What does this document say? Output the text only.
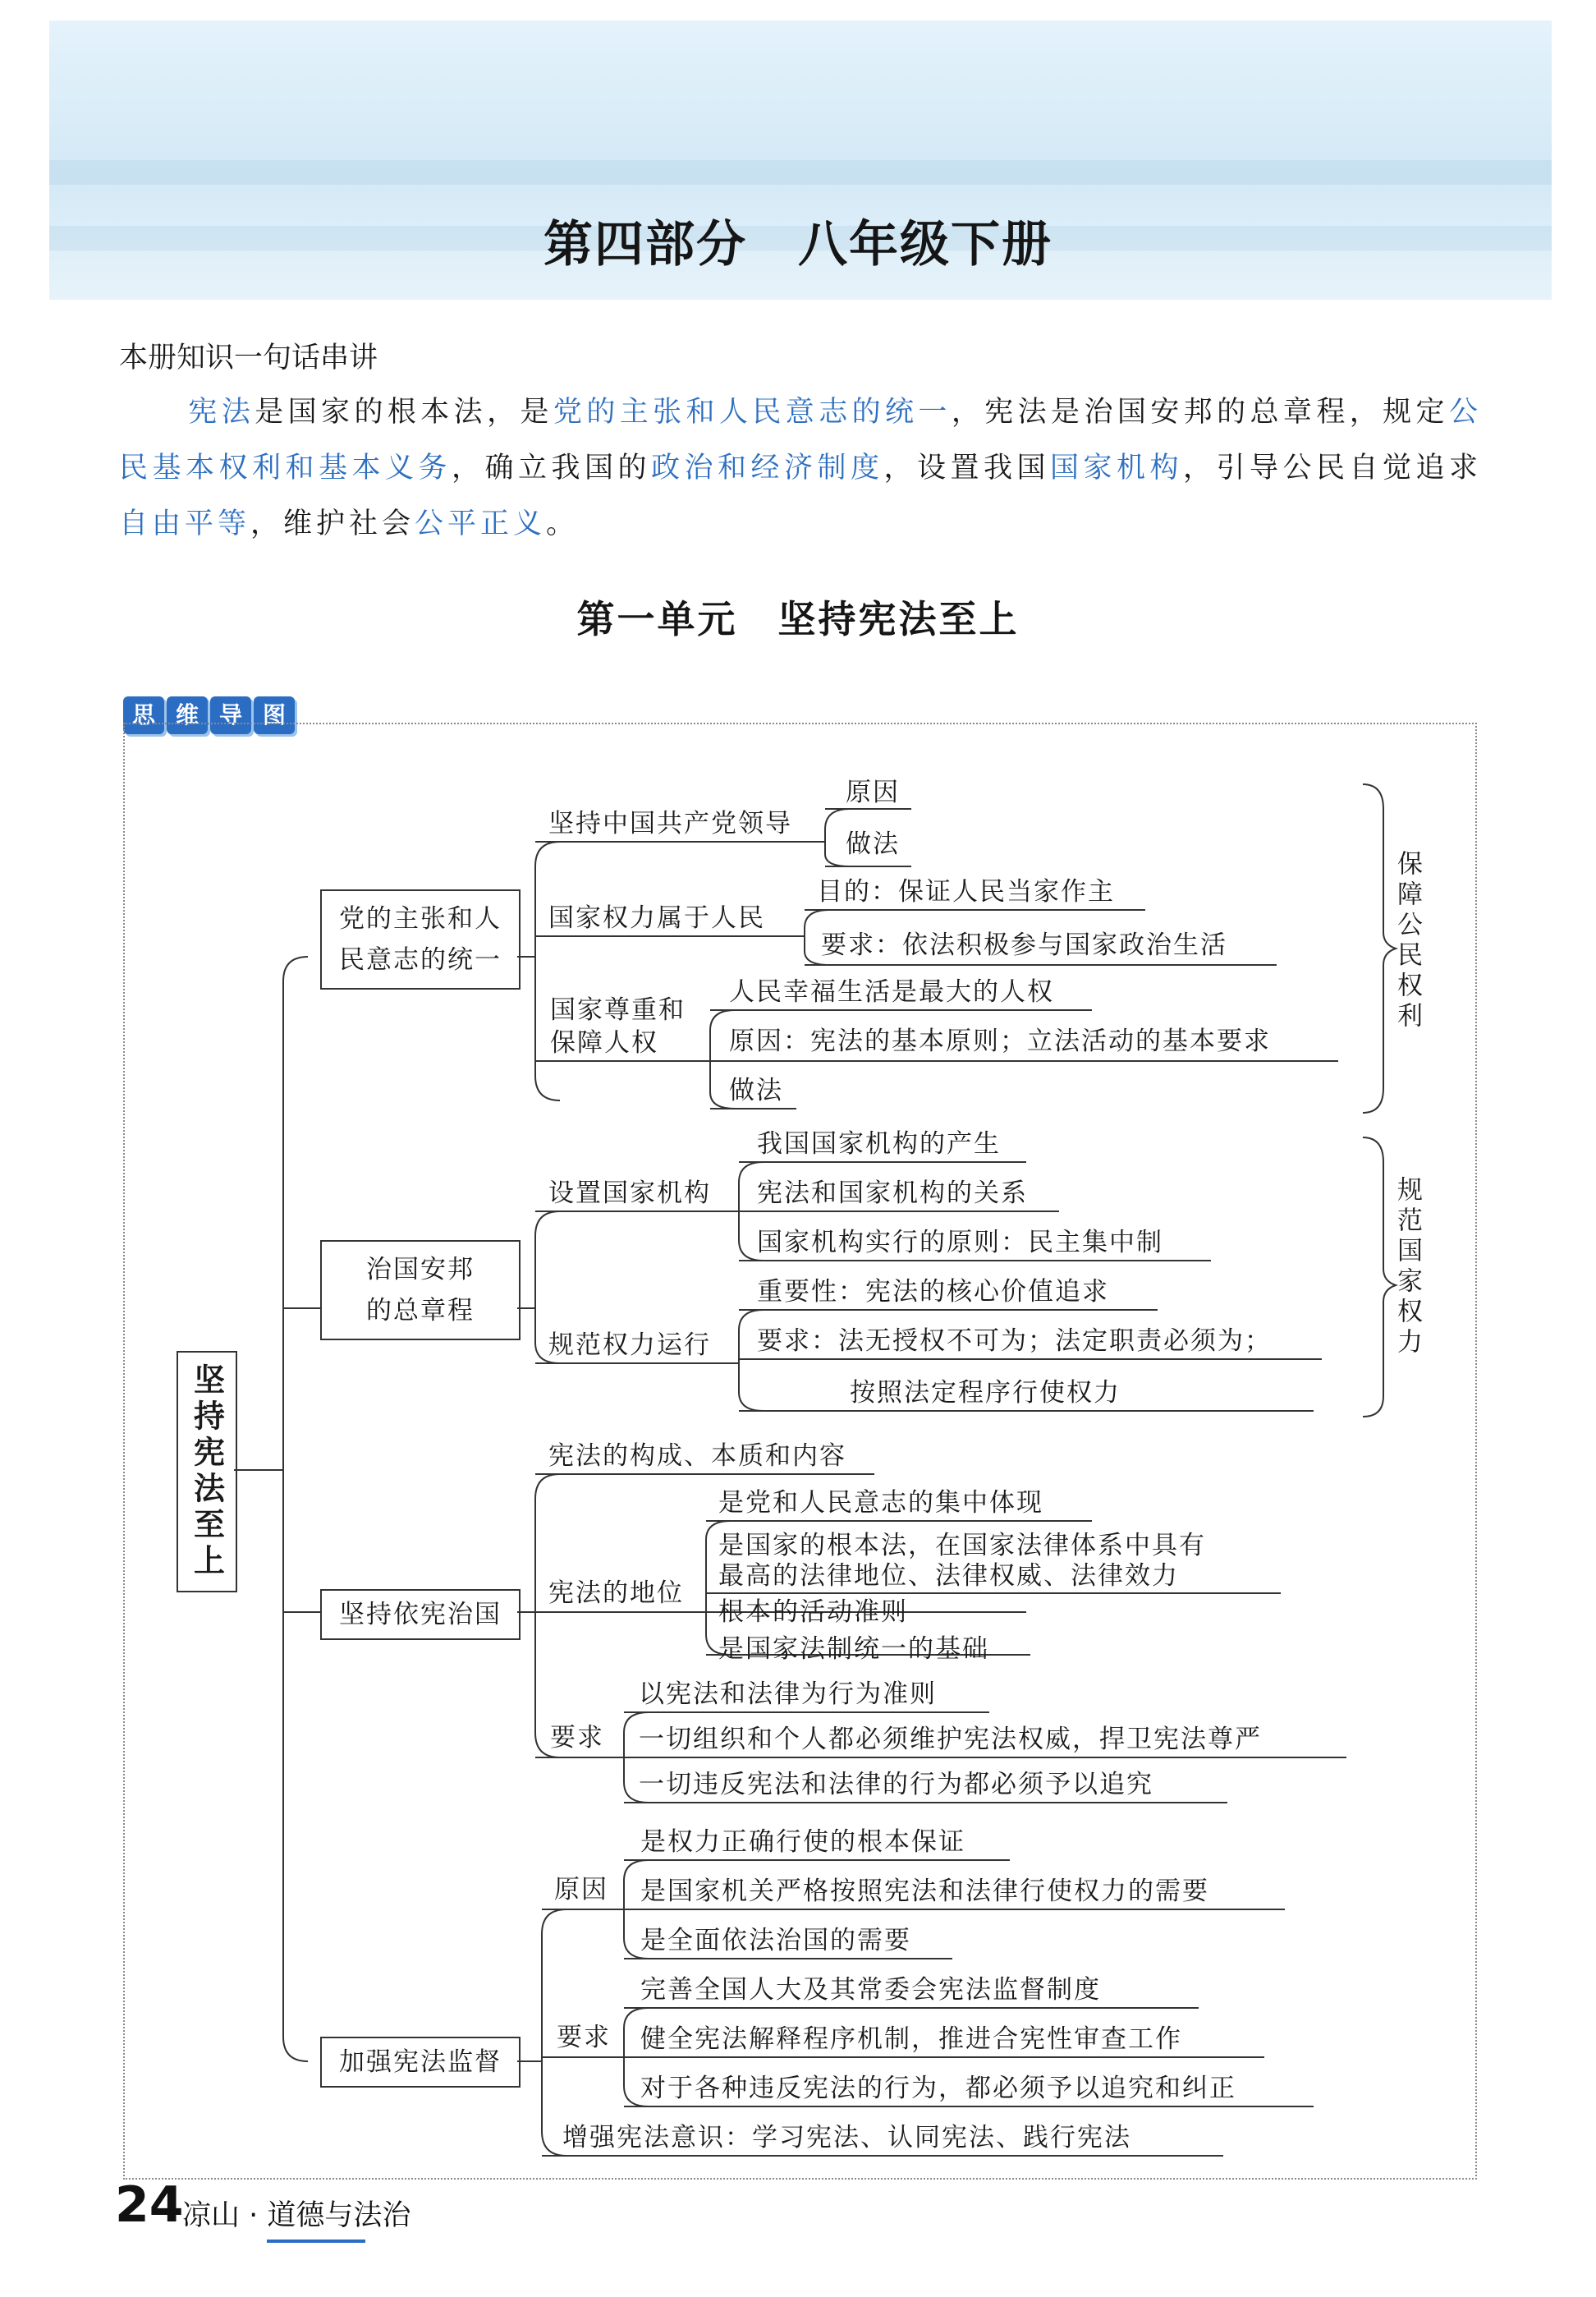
第四部分　八年级下册
本册知识一句话串讲
宪法是国家的根本法，是党的主张和人民意志的统一，宪法是治国安邦的总章程，规定公民基本权利和基本义务，确立我国的政治和经济制度，设置我国国家机构，引导公民自觉追求自由平等，维护社会公平正义。
第一单元　坚持宪法至上
思 维 导 图
坚持宪法至上
党的主张和人
民意志的统一
治国安邦
的总章程
坚持依宪治国
加强宪法监督
坚持中国共产党领导
原因
做法
国家权力属于人民
目的：保证人民当家作主
要求：依法积极参与国家政治生活
国家尊重和
保障人权
人民幸福生活是最大的人权
原因：宪法的基本原则；立法活动的基本要求
做法
设置国家机构
我国国家机构的产生
宪法和国家机构的关系
国家机构实行的原则：民主集中制
规范权力运行
重要性：宪法的核心价值追求
要求：法无授权不可为；法定职责必须为；
按照法定程序行使权力
宪法的构成、本质和内容
宪法的地位
是党和人民意志的集中体现
是国家的根本法，在国家法律体系中具有
最高的法律地位、法律权威、法律效力
根本的活动准则
是国家法制统一的基础
要求
以宪法和法律为行为准则
一切组织和个人都必须维护宪法权威，捍卫宪法尊严
一切违反宪法和法律的行为都必须予以追究
原因
是权力正确行使的根本保证
是国家机关严格按照宪法和法律行使权力的需要
是全面依法治国的需要
要求
完善全国人大及其常委会宪法监督制度
健全宪法解释程序机制，推进合宪性审查工作
对于各种违反宪法的行为，都必须予以追究和纠正
增强宪法意识：学习宪法、认同宪法、践行宪法
保障公民权利
规范国家权力
24
凉山 · 道德与法治
